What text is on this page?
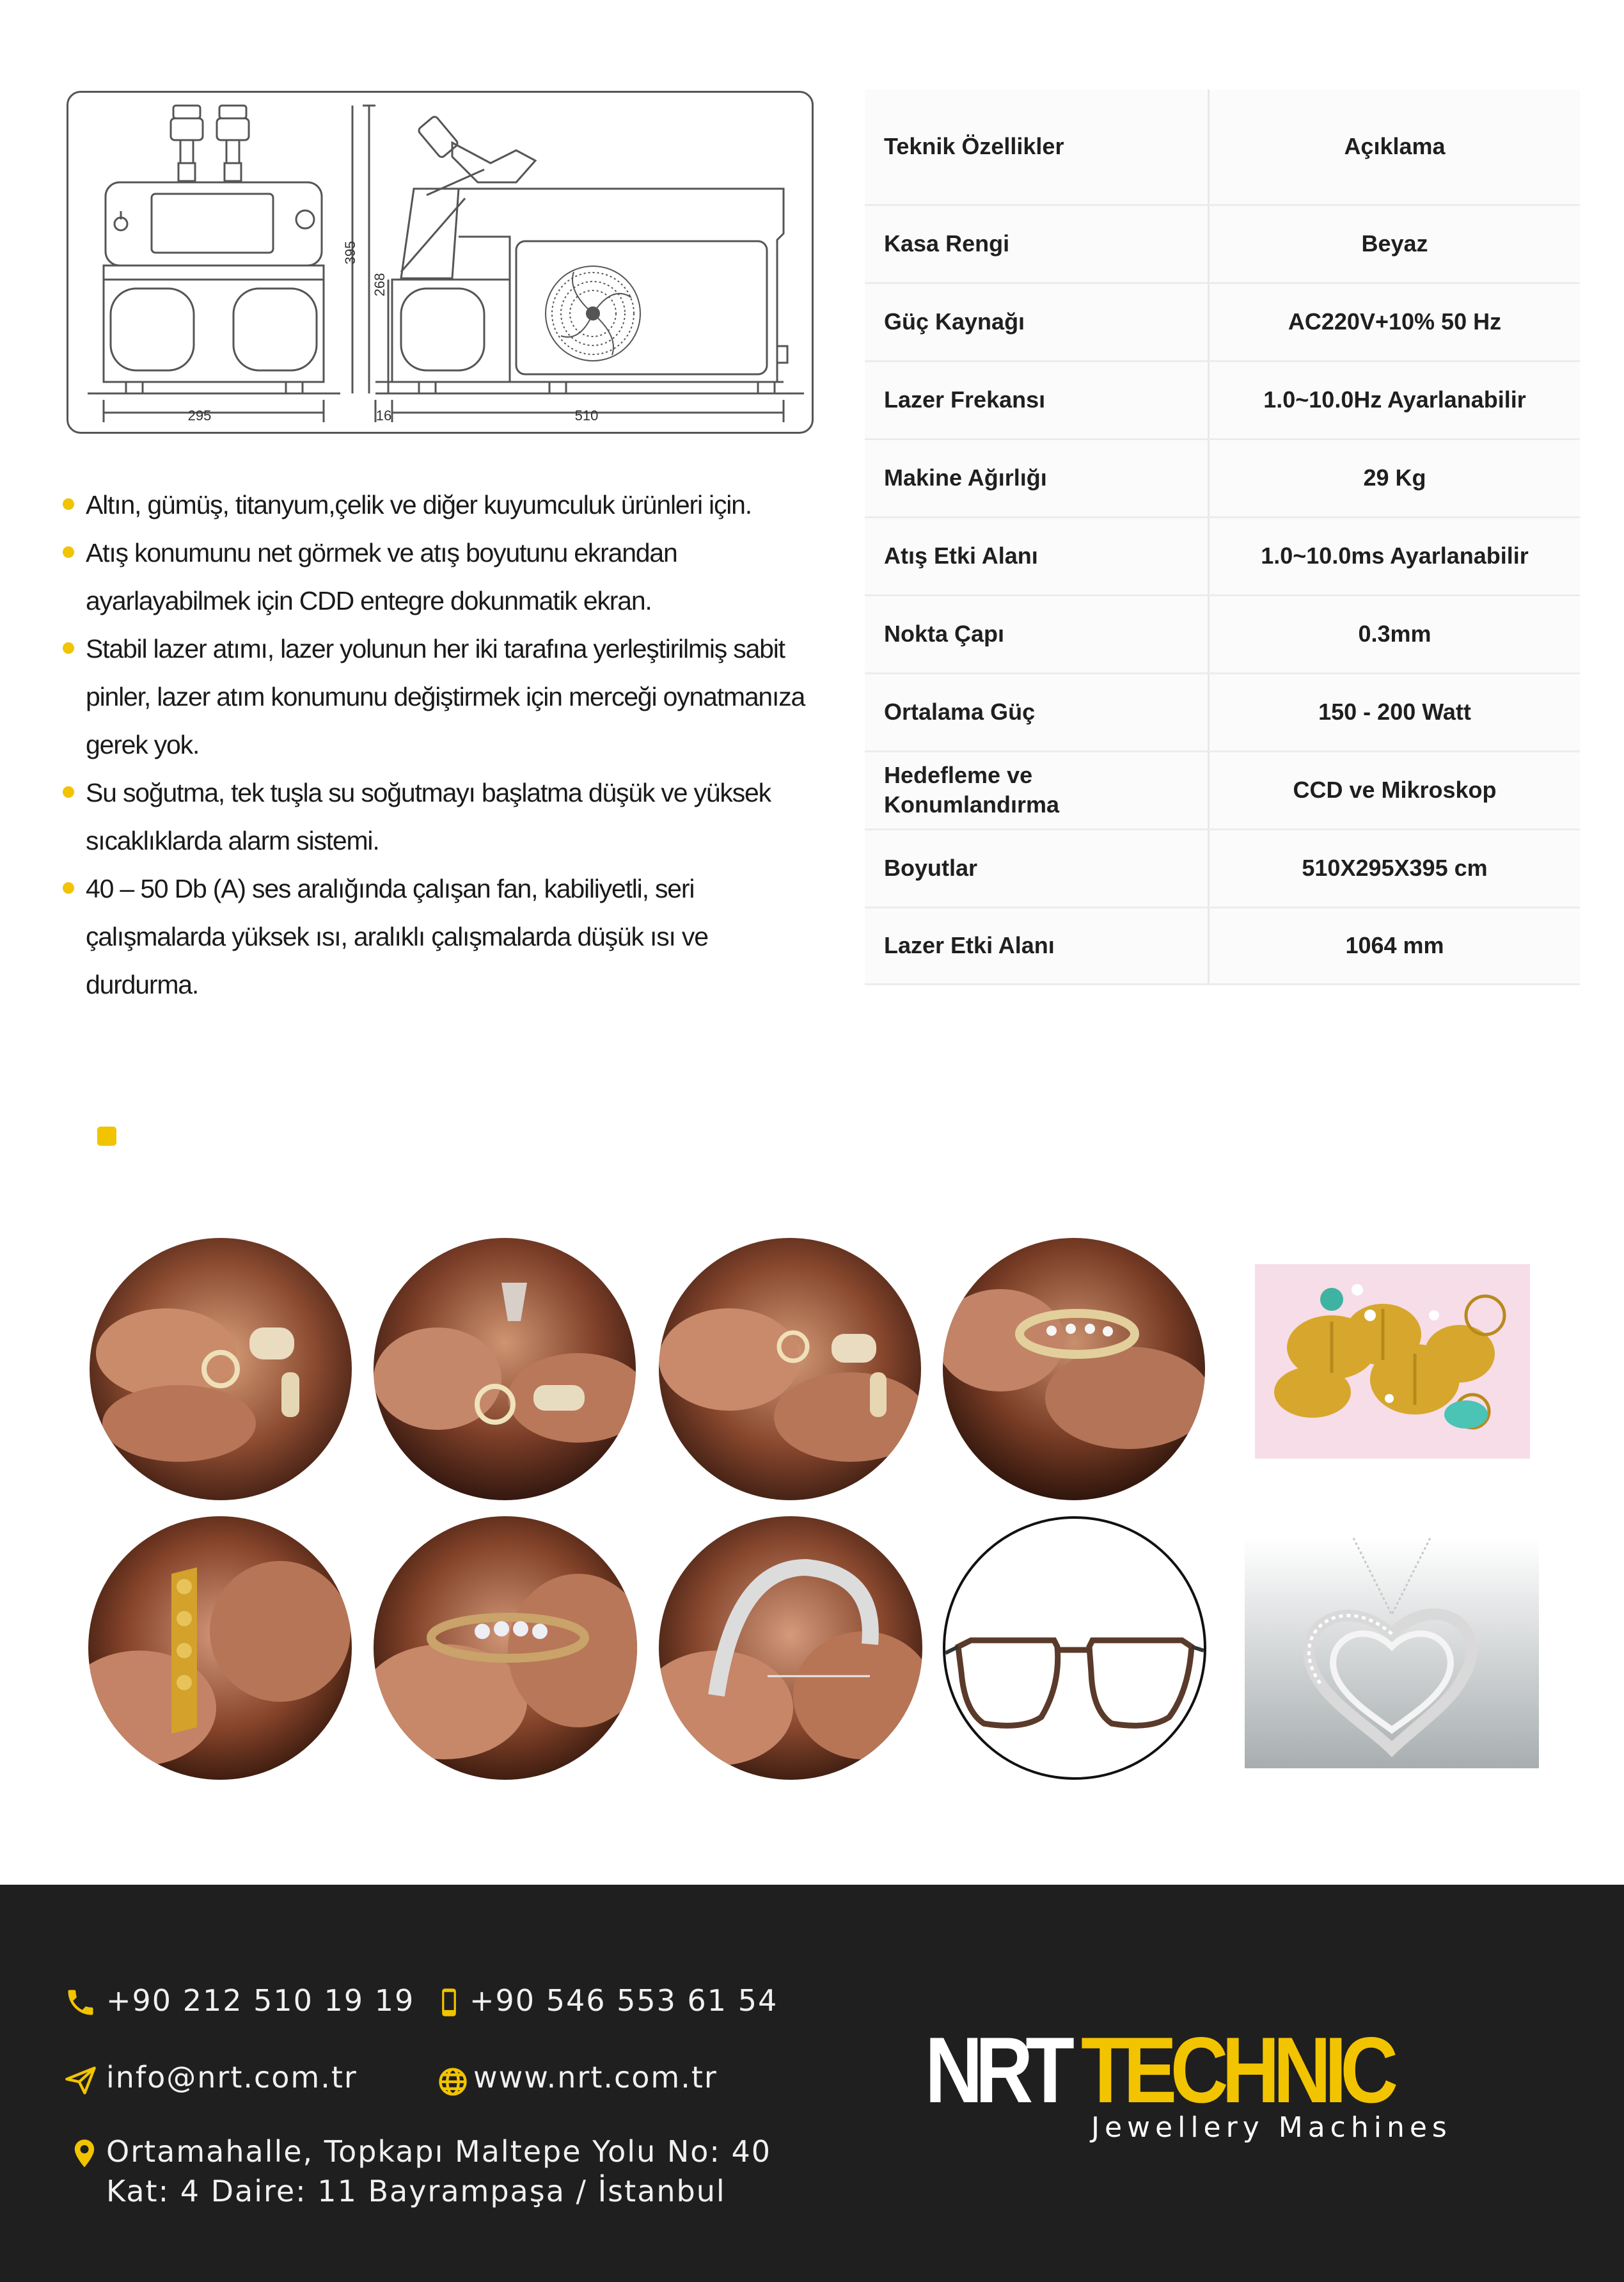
295	510
16
395
268
Altın, gümüş, titanyum,çelik ve diğer kuyumculuk ürünleri için.
Atış konumunu net görmek ve atış boyutunu ekrandan ayarlayabilmek için CDD entegre dokunmatik ekran.
Stabil lazer atımı, lazer yolunun her iki tarafına yerleştirilmiş sabit pinler, lazer atım konumunu değiştirmek için merceği oynatmanıza gerek yok.
Su soğutma, tek tuşla su soğutmayı başlatma düşük ve yüksek sıcaklıklarda alarm sistemi.
40 – 50 Db (A) ses aralığında çalışan fan, kabiliyetli, seri çalışmalarda yüksek ısı, aralıklı çalışmalarda düşük ısı ve durdurma.
Teknik Özellikler	Açıklama
Kasa Rengi	Beyaz
Güç Kaynağı	AC220V+10% 50 Hz
Lazer Frekansı	1.0~10.0Hz Ayarlanabilir
Makine Ağırlığı	29 Kg
Atış Etki Alanı	1.0~10.0ms Ayarlanabilir
Nokta Çapı	0.3mm
Ortalama Güç	150 - 200 Watt
Hedefleme ve Konumlandırma	CCD ve Mikroskop
Boyutlar	510X295X395 cm
Lazer Etki Alanı	1064 mm
+90 212 510 19 19 +90 546 553 61 54
info@nrt.com.tr	www.nrt.com.tr
Ortamahalle, Topkapı Maltepe Yolu No: 40
Kat: 4 Daire: 11 Bayrampaşa / İstanbul
NRT TECHNIC
Jewellery Machines
